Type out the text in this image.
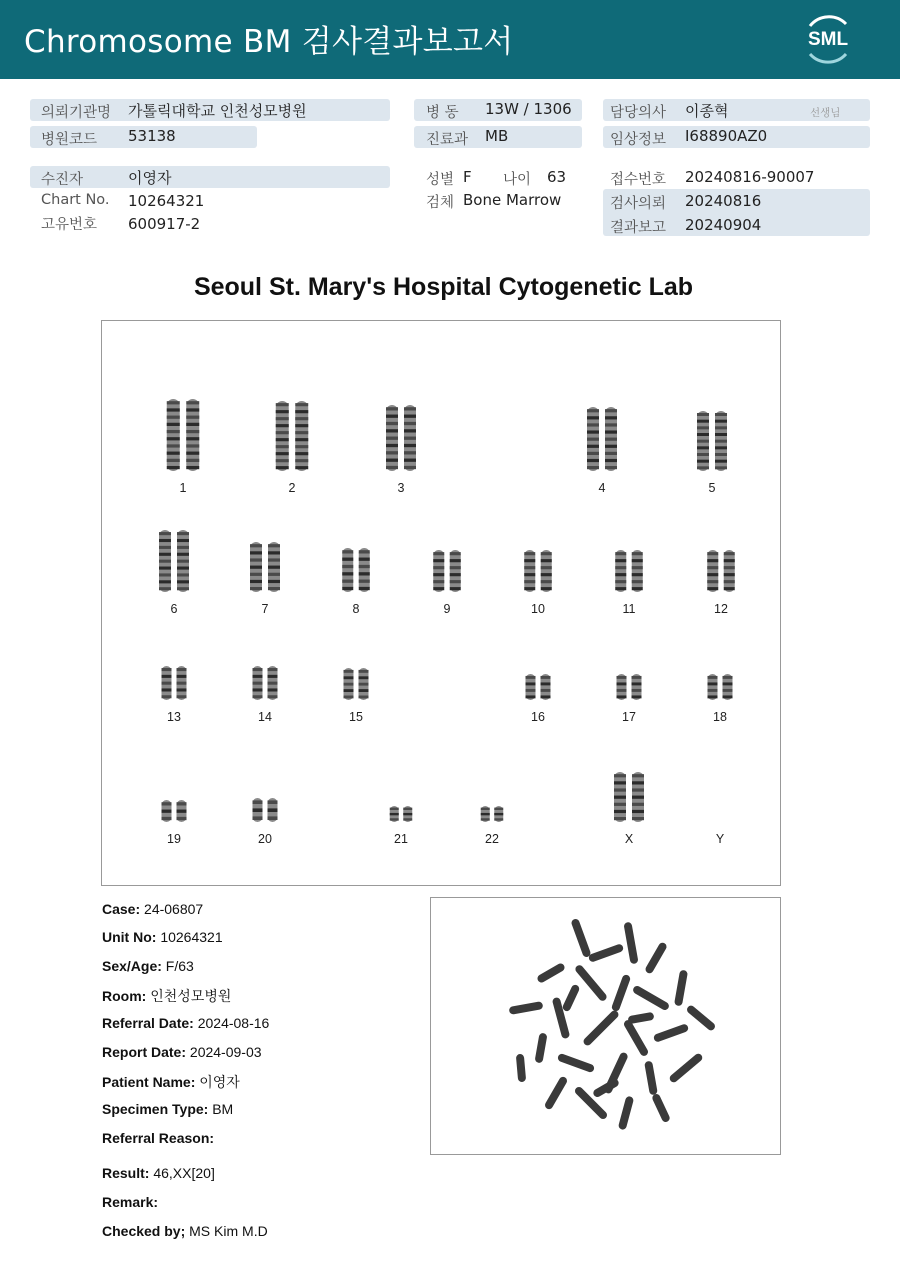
Chromosome BM 검사결과보고서	SML
의뢰기관명 가톨릭대학교 인천성모병원
병원코드 53138
병 동 13W / 1306
진료과 MB
담당의사 이종혁	선생님
임상정보 I68890AZ0
수진자	이영자
Chart No. 10264321
고유번호 600917-2
성별 F 나이 63
검체 Bone Marrow
접수번호 20240816-90007
검사의뢰 20240816
결과보고 20240904
Seoul St. Mary's Hospital Cytogenetic Lab
1	2	3	4	5
6	7	8	9	10	11	12
13	14	15	16	17	18
19	20	21	22	X	Y
Case: 24-06807
Unit No: 10264321
Sex/Age: F/63
Room: 인천성모병원
Referral Date: 2024-08-16
Report Date: 2024-09-03
Patient Name: 이영자
Specimen Type: BM
Referral Reason:
Result: 46,XX[20]
Remark:
Checked by; MS Kim M.D
